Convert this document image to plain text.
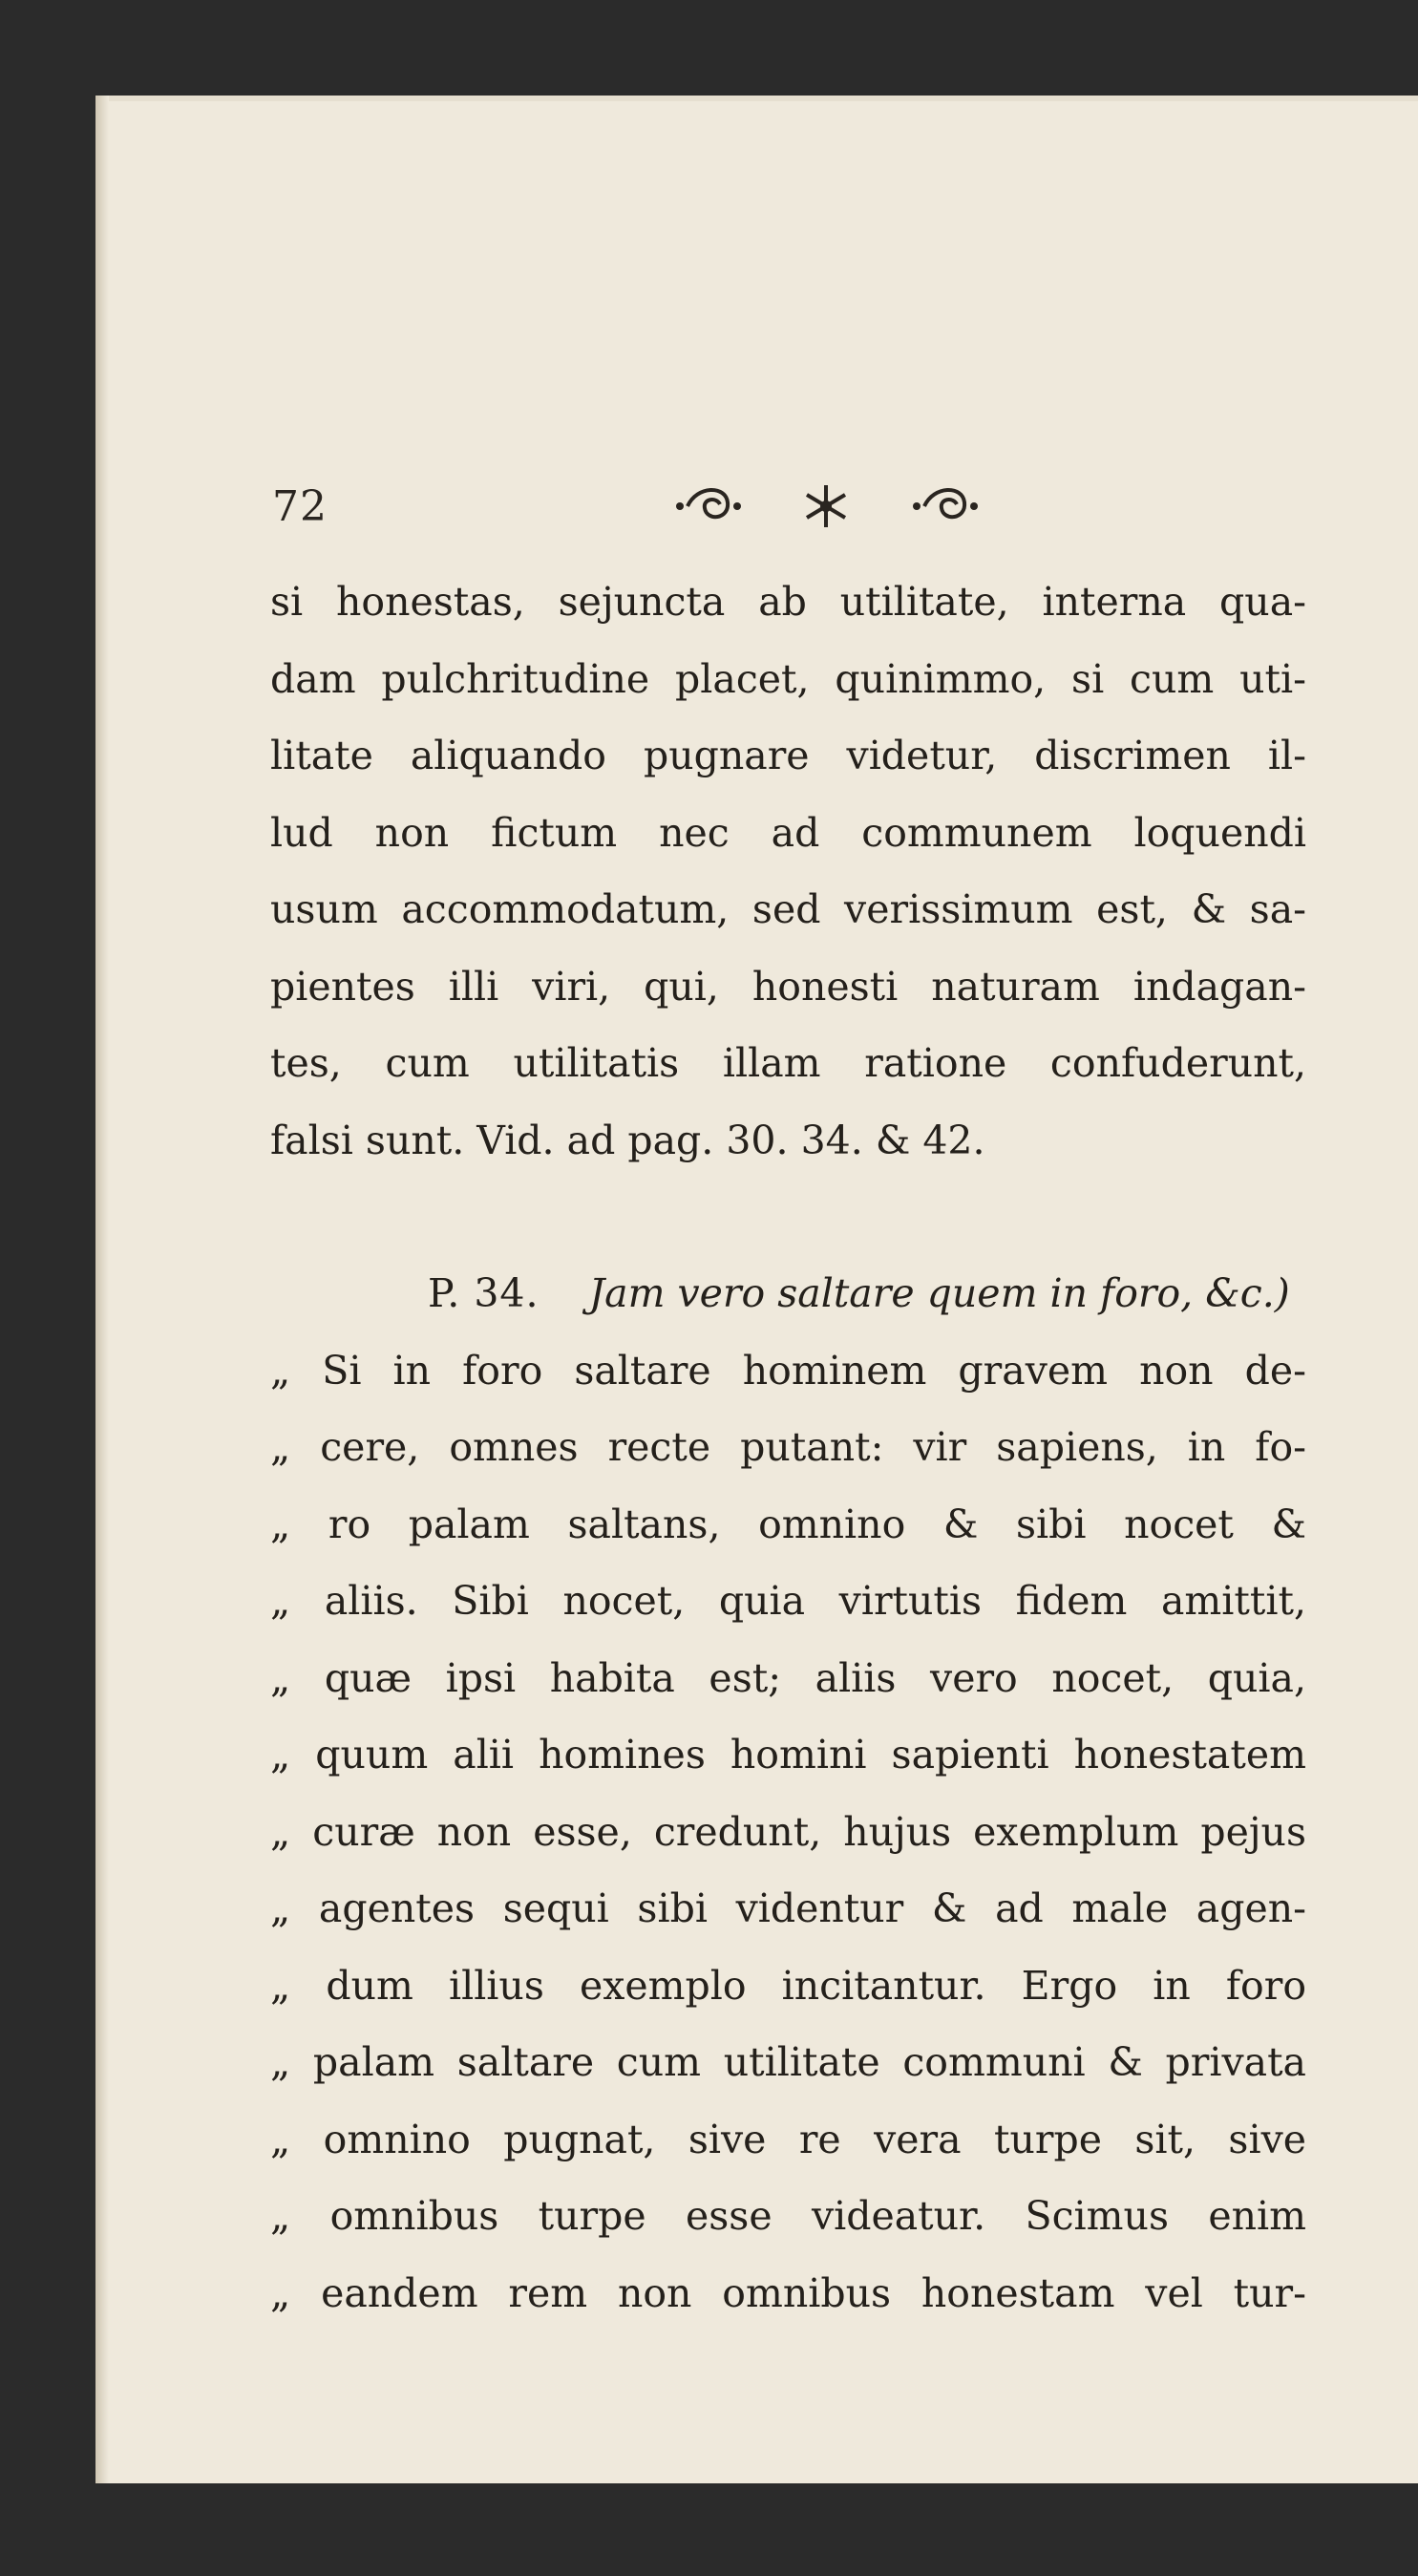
72
si honestas, sejuncta ab utilitate, interna qua-
dam pulchritudine placet, quinimmo, si cum uti-
litate aliquando pugnare videtur, discrimen il-
lud non fictum nec ad communem loquendi
usum accommodatum, sed verissimum est, & sa-
pientes illi viri, qui, honesti naturam indagan-
tes, cum utilitatis illam ratione confuderunt,
falsi sunt. Vid. ad pag. 30. 34. & 42.
P. 34. Jam vero saltare quem in foro, &c.)
„ Si in foro saltare hominem gravem non de-
„ cere, omnes recte putant: vir sapiens, in fo-
„ ro palam saltans, omnino & sibi nocet &
„ aliis. Sibi nocet, quia virtutis fidem amittit,
„ quæ ipsi habita est; aliis vero nocet, quia,
„ quum alii homines homini sapienti honestatem
„ curæ non esse, credunt, hujus exemplum pejus
„ agentes sequi sibi videntur & ad male agen-
„ dum illius exemplo incitantur. Ergo in foro
„ palam saltare cum utilitate communi & privata
„ omnino pugnat, sive re vera turpe sit, sive
„ omnibus turpe esse videatur. Scimus enim
„ eandem rem non omnibus honestam vel tur-
